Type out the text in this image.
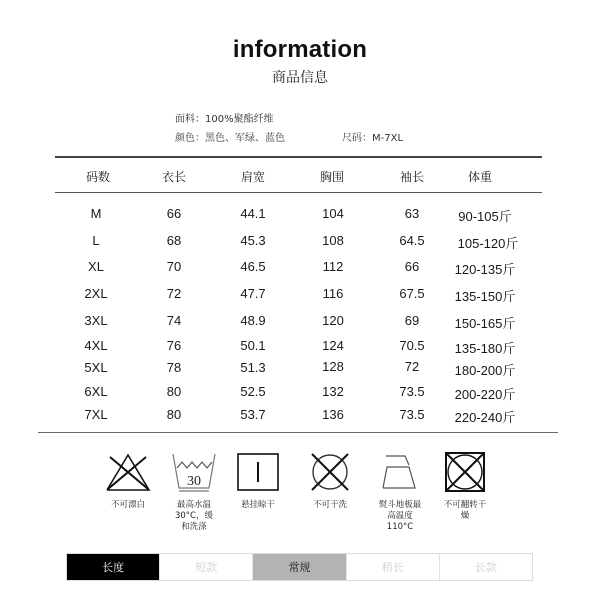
information
商品信息
面料：100%聚酯纤维
颜色：黑色、军绿、蓝色	尺码：M-7XL
码数	衣长	肩宽	胸围	袖长	体重
M	66	44.1	104	63	90-105斤
L	68	45.3	108	64.5	105-120斤
XL	70	46.5	112	66	120-135斤
2XL	72	47.7	116	67.5	135-150斤
3XL	74	48.9	120	69	150-165斤
4XL	76	50.1	124	70.5	135-180斤
5XL	78	51.3	128	72	180-200斤
6XL	80	52.5	132	73.5	200-220斤
7XL	80	53.7	136	73.5	220-240斤
不可漂白
30
最高水温
30°C，缓
和洗涤
悬挂晾干	不可干洗	熨斗地板最
高温度
110°C
不可翻转干
燥
长度	短款	常规	稍长	长款
